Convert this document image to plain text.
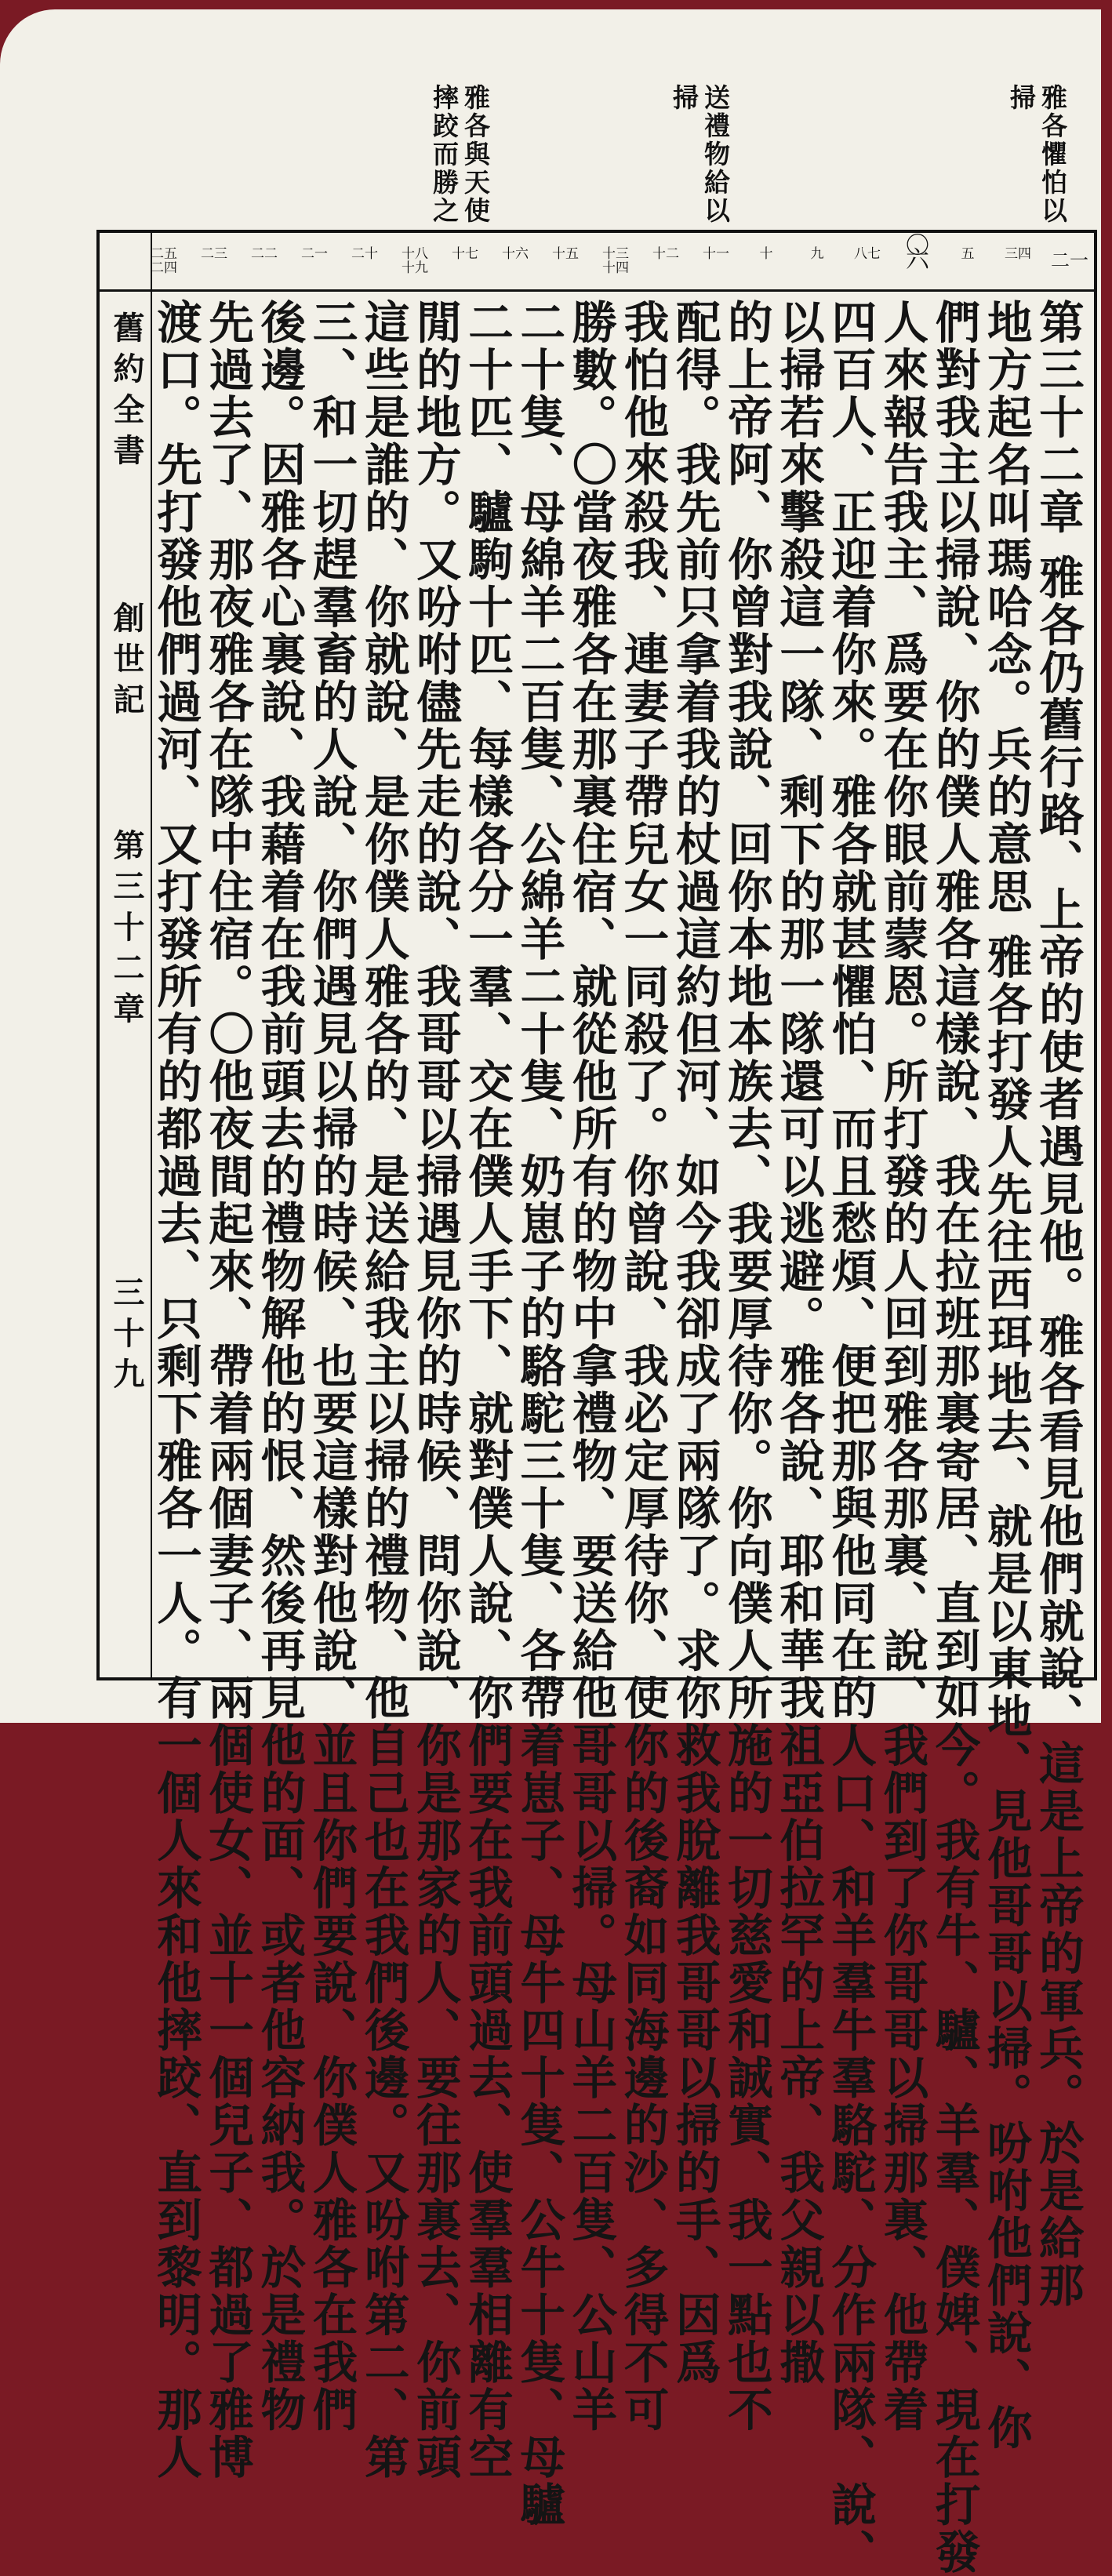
雅各懼怕以
掃
送禮物給以
掃
雅各與天使
摔跤而勝之
二一
三四
五
〇六
八七
九
十
十一
十二
十三十四
十五
十六
十七
十八十九
二十
二一
二二
二三
二五二四
舊約全書
創世記
第三十二章
三十九	第三十二章 雅各仍舊行路、上帝的使者遇見他。雅各看見他們就說、這是上帝的軍兵。於是給那
地方起名叫瑪哈念。兵的意思 雅各打發人先往西珥地去、就是以東地、見他哥哥以掃。吩咐他們說、你
們對我主以掃說、你的僕人雅各這樣說、我在拉班那裏寄居、直到如今。我有牛、驢、羊羣、僕婢、現在打發
人來報告我主、爲要在你眼前蒙恩。所打發的人回到雅各那裏、說、我們到了你哥哥以掃那裏、他帶着
四百人、正迎着你來。雅各就甚懼怕、而且愁煩、便把那與他同在的人口、和羊羣牛羣駱駝、分作兩隊、說、
以掃若來擊殺這一隊、剩下的那一隊還可以逃避。雅各說、耶和華我祖亞伯拉罕的上帝、我父親以撒
的上帝阿、你曾對我說、回你本地本族去、我要厚待你。你向僕人所施的一切慈愛和誠實、我一點也不
配得。我先前只拿着我的杖過這約但河、如今我卻成了兩隊了。求你救我脫離我哥哥以掃的手、因爲
我怕他來殺我、連妻子帶兒女一同殺了。你曾說、我必定厚待你、使你的後裔如同海邊的沙、多得不可
勝數。〇當夜雅各在那裏住宿、就從他所有的物中拿禮物、要送給他哥哥以掃。母山羊二百隻、公山羊
二十隻、母綿羊二百隻、公綿羊二十隻、奶崽子的駱駝三十隻、各帶着崽子、母牛四十隻、公牛十隻、母驢
二十匹、驢駒十匹、每樣各分一羣、交在僕人手下、就對僕人說、你們要在我前頭過去、使羣羣相離有空
閒的地方。又吩咐儘先走的說、我哥哥以掃遇見你的時候、問你說、你是那家的人、要往那裏去、你前頭
這些是誰的、你就說、是你僕人雅各的、是送給我主以掃的禮物、他自己也在我們後邊。又吩咐第二、第
三、和一切趕羣畜的人說、你們遇見以掃的時候、也要這樣對他說、並且你們要說、你僕人雅各在我們
後邊。因雅各心裏說、我藉着在我前頭去的禮物解他的恨、然後再見他的面、或者他容納我。於是禮物
先過去了、那夜雅各在隊中住宿。〇他夜間起來、帶着兩個妻子、兩個使女、並十一個兒子、都過了雅博
渡口。先打發他們過河、又打發所有的都過去、只剩下雅各一人。有一個人來和他摔跤、直到黎明。那人
